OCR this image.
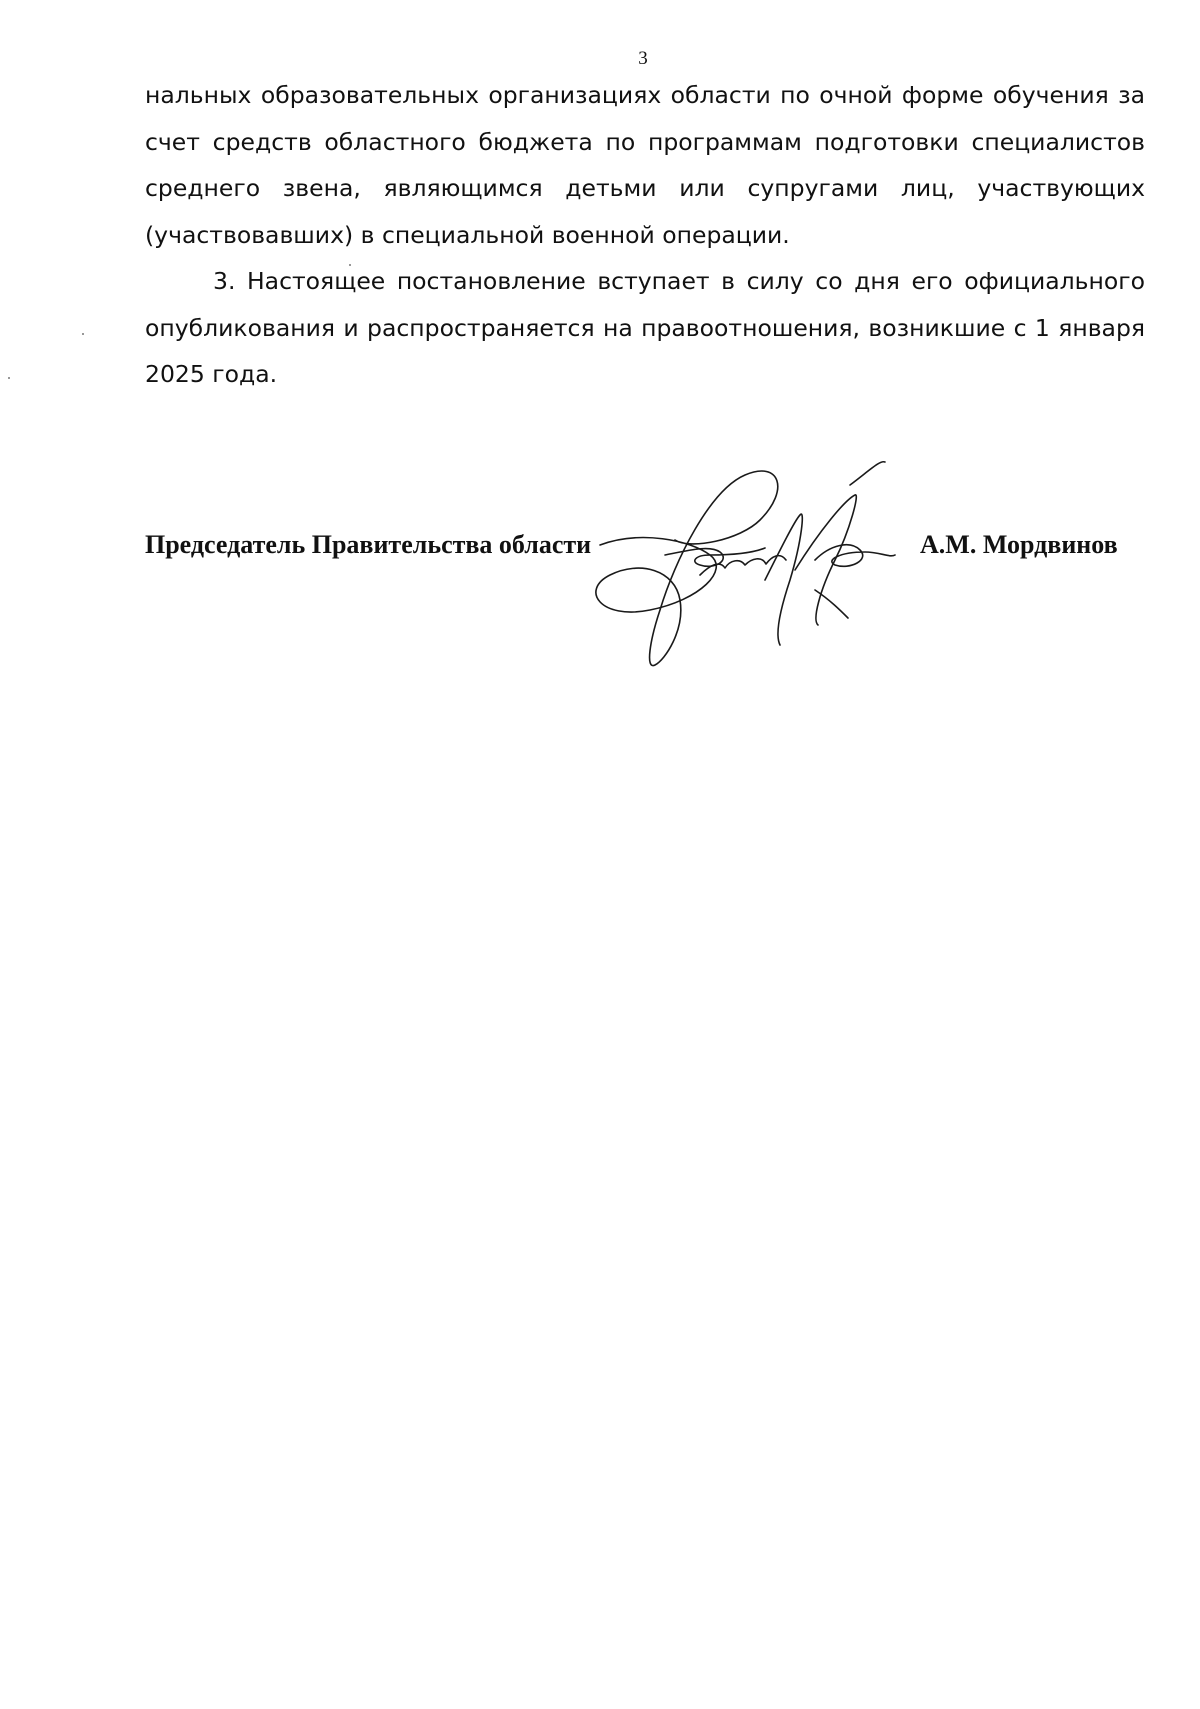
3

нальных образовательных организациях области по очной форме обучения за счет средств областного бюджета по программам подготовки специалистов среднего звена, являющимся детьми или супругами лиц, участвующих (участвовавших) в специальной военной операции.

3. Настоящее постановление вступает в силу со дня его официального опубликования и распространяется на правоотношения, возникшие с 1 января 2025 года.

Председатель Правительства области	А.М. Мордвинов
